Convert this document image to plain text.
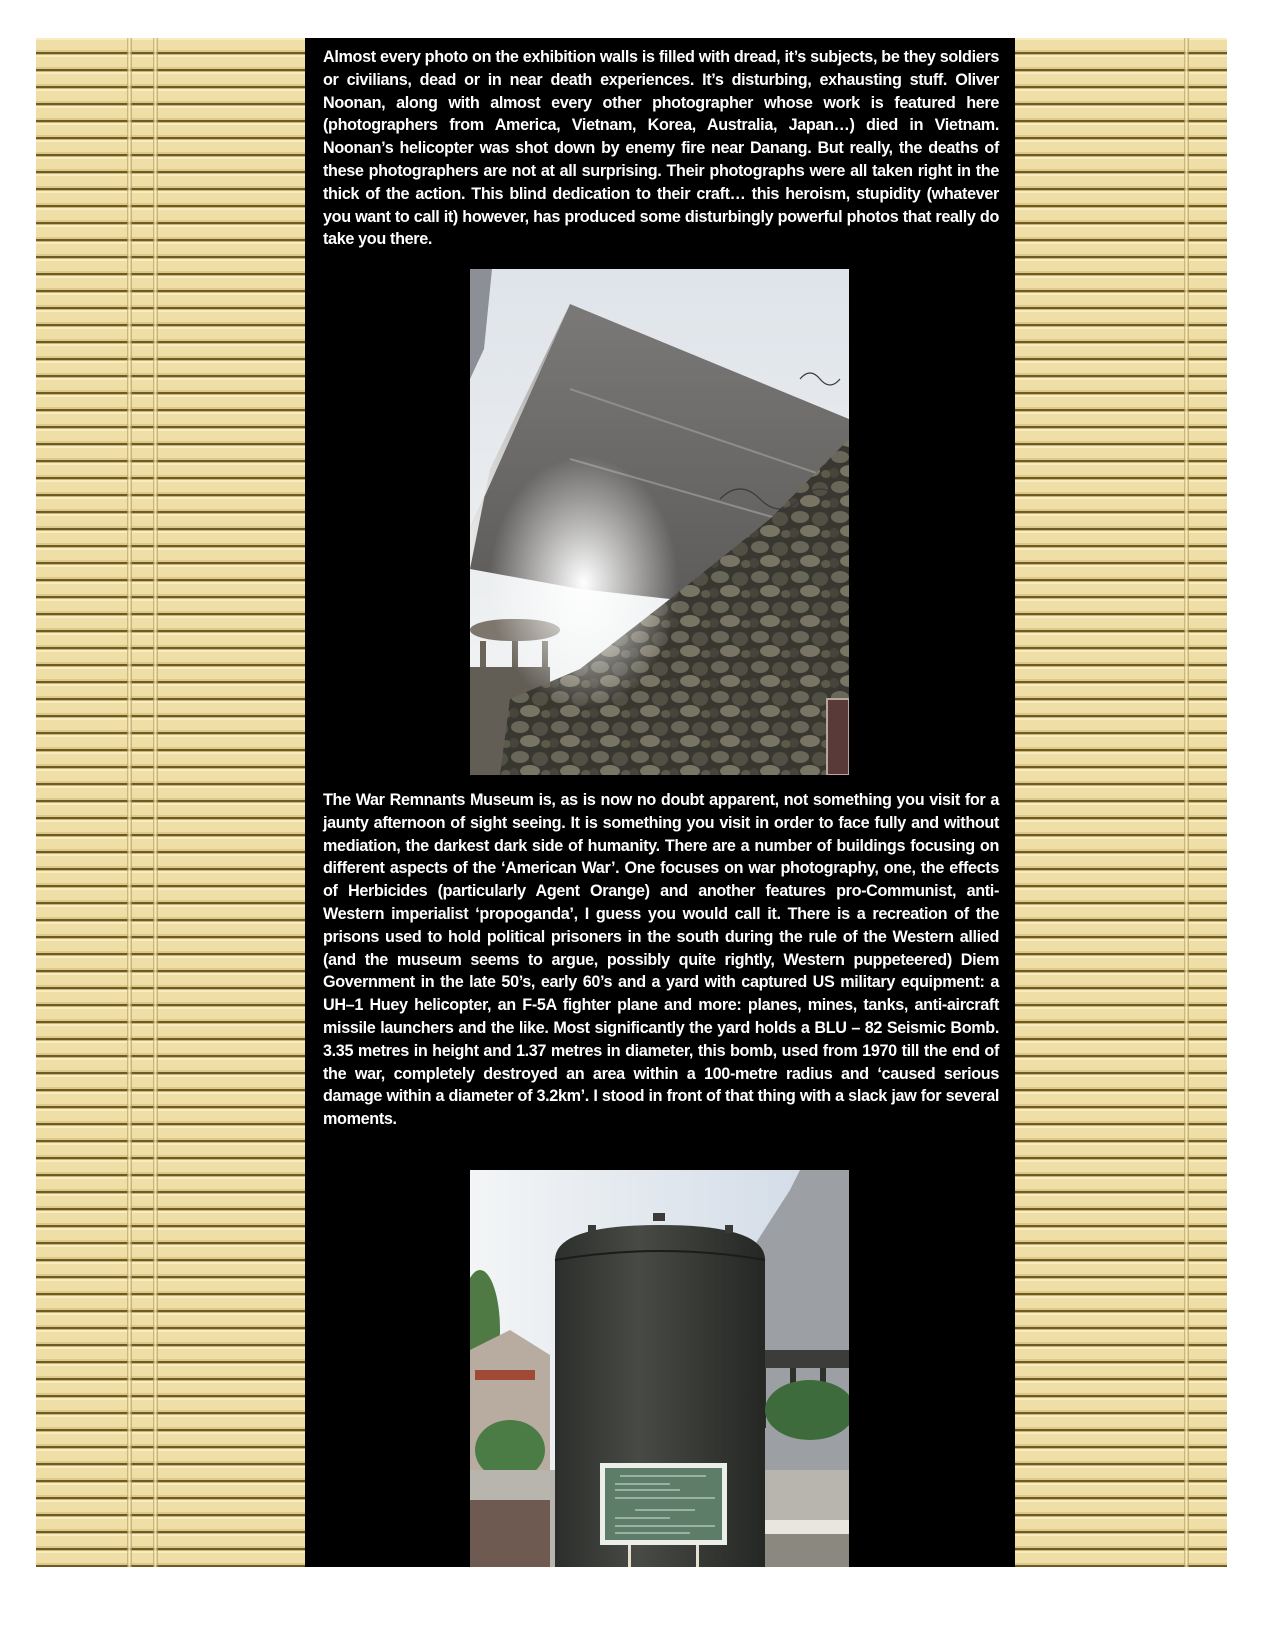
Almost every photo on the exhibition walls is filled with dread, it’s subjects, be they soldiers or civilians, dead or in near death experiences. It’s disturbing, exhausting stuff. Oliver Noonan, along with almost every other photographer whose work is featured here (photographers from America, Vietnam, Korea, Australia, Japan…) died in Vietnam. Noonan’s helicopter was shot down by enemy fire near Danang. But really, the deaths of these photographers are not at all surprising. Their photographs were all taken right in the thick of the action. This blind dedication to their craft… this heroism, stupidity (whatever you want to call it) however, has produced some disturbingly powerful photos that really do take you there.

The War Remnants Museum is, as is now no doubt apparent, not something you visit for a jaunty afternoon of sight seeing. It is something you visit in order to face fully and without mediation, the darkest dark side of humanity. There are a number of buildings focusing on different aspects of the ‘American War’. One focuses on war photography, one, the effects of Herbicides (particularly Agent Orange) and another features pro-Communist, anti-Western imperialist ‘propoganda’, I guess you would call it. There is a recreation of the prisons used to hold political prisoners in the south during the rule of the Western allied (and the museum seems to argue, possibly quite rightly, Western puppeteered) Diem Government in the late 50’s, early 60’s and a yard with captured US military equipment: a UH–1 Huey helicopter, an F-5A fighter plane and more: planes, mines, tanks, anti-aircraft missile launchers and the like. Most significantly the yard holds a BLU – 82 Seismic Bomb. 3.35 metres in height and 1.37 metres in diameter, this bomb, used from 1970 till the end of the war, completely destroyed an area within a 100-metre radius and ‘caused serious damage within a diameter of 3.2km’. I stood in front of that thing with a slack jaw for several moments.
